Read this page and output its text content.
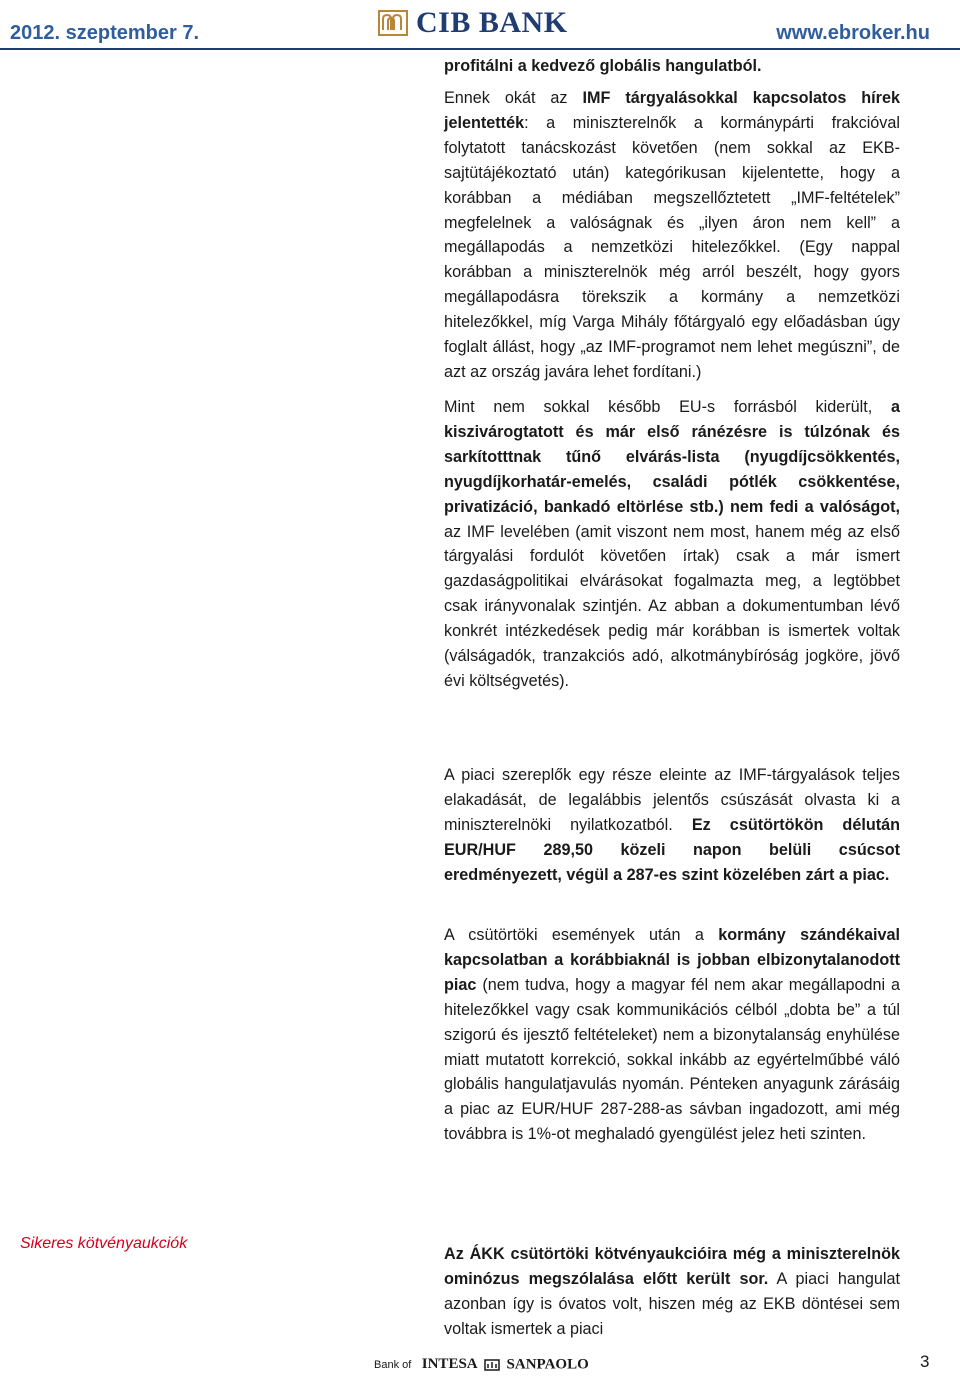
2012. szeptember 7.	CIB BANK	www.ebroker.hu

profitálni a kedvező globális hangulatból.

Ennek okát az IMF tárgyalásokkal kapcsolatos hírek jelentették: a miniszterelnők a kormánypárti frakcióval folytatott tanácskozást követően (nem sokkal az EKB-sajtütájékoztató után) kategórikusan kijelentette, hogy a korábban a médiában megszellőztetett „IMF-feltételek” megfelelnek a valóságnak és „ilyen áron nem kell” a megállapodás a nemzetközi hitelezőkkel. (Egy nappal korábban a miniszterelnök még arról beszélt, hogy gyors megállapodásra törekszik a kormány a nemzetközi hitelezőkkel, míg Varga Mihály főtárgyaló egy előadásban úgy foglalt állást, hogy „az IMF-programot nem lehet megúszni”, de azt az ország javára lehet fordítani.)

Mint nem sokkal később EU-s forrásból kiderült, a kiszivárogtatott és már első ránézésre is túlzónak és sarkítotttnak tűnő elvárás-lista (nyugdíjcsökkentés, nyugdíjkorhatár-emelés, családi pótlék csökkentése, privatizáció, bankadó eltörlése stb.) nem fedi a valóságot, az IMF levelében (amit viszont nem most, hanem még az első tárgyalási fordulót követően írtak) csak a már ismert gazdaságpolitikai elvárásokat fogalmazta meg, a legtöbbet csak irányvonalak szintjén. Az abban a dokumentumban lévő konkrét intézkedések pedig már korábban is ismertek voltak (válságadók, tranzakciós adó, alkotmánybíróság jogköre, jövő évi költségvetés).

A piaci szereplők egy része eleinte az IMF-tárgyalások teljes elakadását, de legalábbis jelentős csúszását olvasta ki a miniszterelnöki nyilatkozatból. Ez csütörtökön délután EUR/HUF 289,50 közeli napon belüli csúcsot eredményezett, végül a 287-es szint közelében zárt a piac.

A csütörtöki események után a kormány szándékaival kapcsolatban a korábbiaknál is jobban elbizonytalanodott piac (nem tudva, hogy a magyar fél nem akar megállapodni a hitelezőkkel vagy csak kommunikációs célból „dobta be” a túl szigorú és ijesztő feltételeket) nem a bizonytalanság enyhülése miatt mutatott korrekció, sokkal inkább az egyértelműbbé váló globális hangulatjavulás nyomán. Pénteken anyagunk zárásáig a piac az EUR/HUF 287-288-as sávban ingadozott, ami még továbbra is 1%-ot meghaladó gyengülést jelez heti szinten.

Sikeres kötvényaukciók

Az ÁKK csütörtöki kötvényaukcióira még a miniszterelnök ominózus megszólalása előtt került sor. A piaci hangulat azonban így is óvatos volt, hiszen még az EKB döntései sem voltak ismertek a piaci

Bank of INTESA SANPAOLO	3
